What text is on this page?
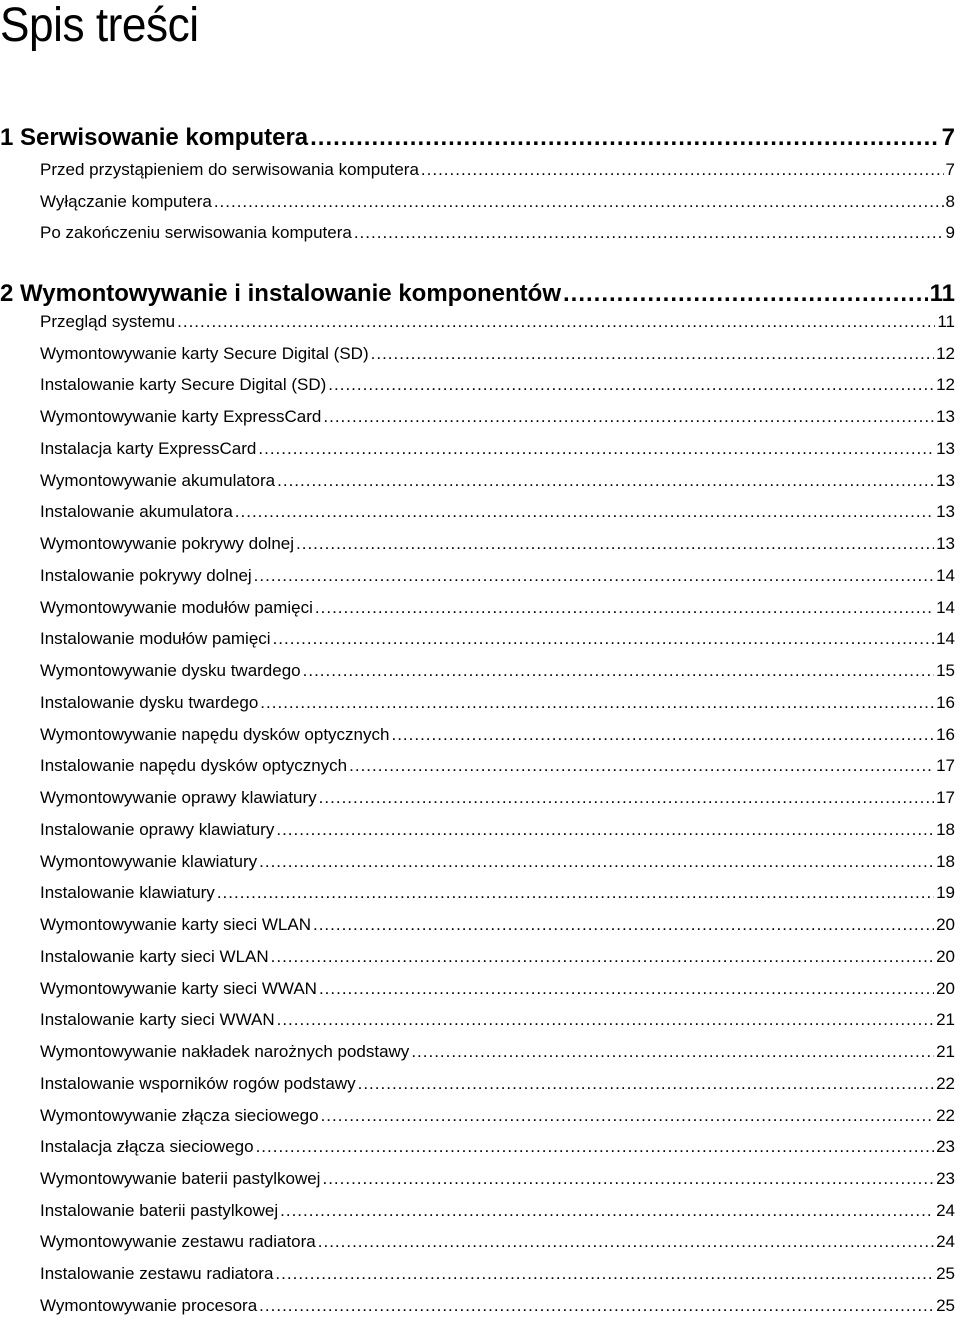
Spis treści
1 Serwisowanie komputera .....	7
Przed przystąpieniem do serwisowania komputera .....	7
Wyłączanie komputera .....	8
Po zakończeniu serwisowania komputera .....	9
2 Wymontowywanie i instalowanie komponentów .....	11
Przegląd systemu .....	11
Wymontowywanie karty Secure Digital (SD) .....	12
Instalowanie karty Secure Digital (SD) .....	12
Wymontowywanie karty ExpressCard .....	13
Instalacja karty ExpressCard .....	13
Wymontowywanie akumulatora .....	13
Instalowanie akumulatora .....	13
Wymontowywanie pokrywy dolnej .....	13
Instalowanie pokrywy dolnej .....	14
Wymontowywanie modułów pamięci .....	14
Instalowanie modułów pamięci .....	14
Wymontowywanie dysku twardego .....	15
Instalowanie dysku twardego .....	16
Wymontowywanie napędu dysków optycznych .....	16
Instalowanie napędu dysków optycznych .....	17
Wymontowywanie oprawy klawiatury .....	17
Instalowanie oprawy klawiatury .....	18
Wymontowywanie klawiatury .....	18
Instalowanie klawiatury .....	19
Wymontowywanie karty sieci WLAN .....	20
Instalowanie karty sieci WLAN .....	20
Wymontowywanie karty sieci WWAN .....	20
Instalowanie karty sieci WWAN .....	21
Wymontowywanie nakładek narożnych podstawy .....	21
Instalowanie wsporników rogów podstawy .....	22
Wymontowywanie złącza sieciowego .....	22
Instalacja złącza sieciowego .....	23
Wymontowywanie baterii pastylkowej .....	23
Instalowanie baterii pastylkowej .....	24
Wymontowywanie zestawu radiatora .....	24
Instalowanie zestawu radiatora .....	25
Wymontowywanie procesora .....	25
